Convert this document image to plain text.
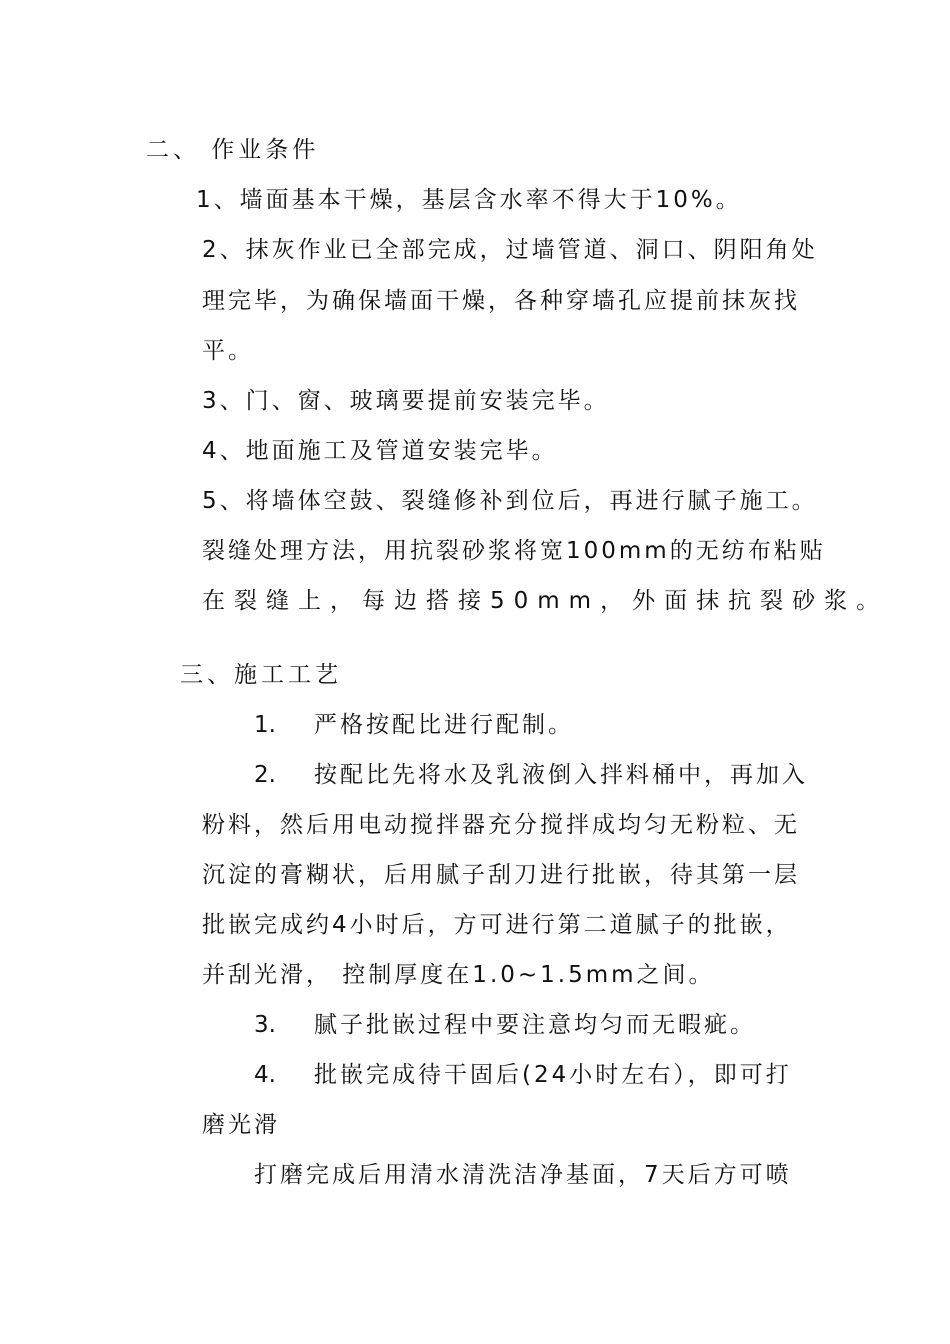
二、 作业条件
1、墙面基本干燥，基层含水率不得大于10%。
2、抹灰作业已全部完成，过墙管道、洞口、阴阳角处
理完毕，为确保墙面干燥，各种穿墙孔应提前抹灰找
平。
3、门、窗、玻璃要提前安装完毕。
4、地面施工及管道安装完毕。
5、将墙体空鼓、裂缝修补到位后，再进行腻子施工。
裂缝处理方法，用抗裂砂浆将宽100mm的无纺布粘贴
在裂缝上，每边搭接50mm，外面抹抗裂砂浆。
三、施工工艺
1. 严格按配比进行配制。
2. 按配比先将水及乳液倒入拌料桶中，再加入
粉料，然后用电动搅拌器充分搅拌成均匀无粉粒、无
沉淀的膏糊状，后用腻子刮刀进行批嵌，待其第一层
批嵌完成约4小时后，方可进行第二道腻子的批嵌，
并刮光滑， 控制厚度在1.0~1.5mm之间。
3. 腻子批嵌过程中要注意均匀而无暇疵。
4. 批嵌完成待干固后(24小时左右），即可打
磨光滑
打磨完成后用清水清洗洁净基面，7天后方可喷
